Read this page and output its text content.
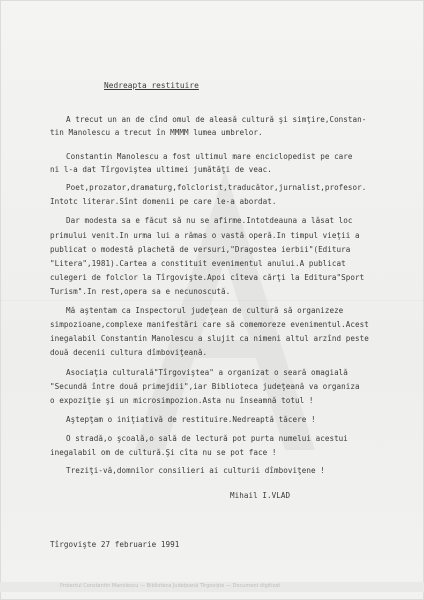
Nedreapta restituire
A trecut un an de cînd omul de aleasă cultură şi simţire,Constan-
tin Manolescu a trecut în MMMM lumea umbrelor.
Constantin Manolescu a fost ultimul mare enciclopedist pe care
ni l-a dat Tîrgoviştea ultimei jumătăţi de veac.
Poet,prozator,dramaturg,folclorist,traducător,jurnalist,profesor.
Intotc literar.Sînt domenii pe care le-a abordat.
Dar modesta sa e făcut să nu se afirme.Intotdeauna a lăsat loc
primului venit.In urma lui a rămas o vastă operă.In timpul vieţii a
publicat o modestă plachetă de versuri,"Dragostea ierbii"(Editura
"Litera",1981).Cartea a constituit evenimentul anului.A publicat
culegeri de folclor la Tîrgovişte.Apoi cîteva cărţi la Editura"Sport
Turism".In rest,opera sa e necunoscută.
Mă aştentam ca Inspectorul judeţean de cultură să organizeze
simpozioane,complexe manifestări care să comemoreze evenimentul.Acest
inegalabil Constantin Manolescu a slujit ca nimeni altul arzînd peste
două decenii cultura dîmboviţeană.
Asociaţia culturală"Tîrgoviştea" a organizat o seară omagială
"Secundă între două primejdii",iar Biblioteca judeţeană va organiza
o expoziţie şi un microsimpozion.Asta nu înseamnă totul !
Aştepţam o iniţiativă de restituire.Nedreaptă tăcere !
O stradă,o şcoală,o sală de lectură pot purta numelui acestui
inegalabil om de cultură.Şi cîta nu se pot face !
Treziţi-vă,domnilor consilieri ai culturii dîmboviţene !
Mihail I.VLAD
Tîrgovişte 27 februarie 1991
Proiectul Constantin Manolescu — Biblioteca Judeţeană Tîrgovişte — Document digitizat
